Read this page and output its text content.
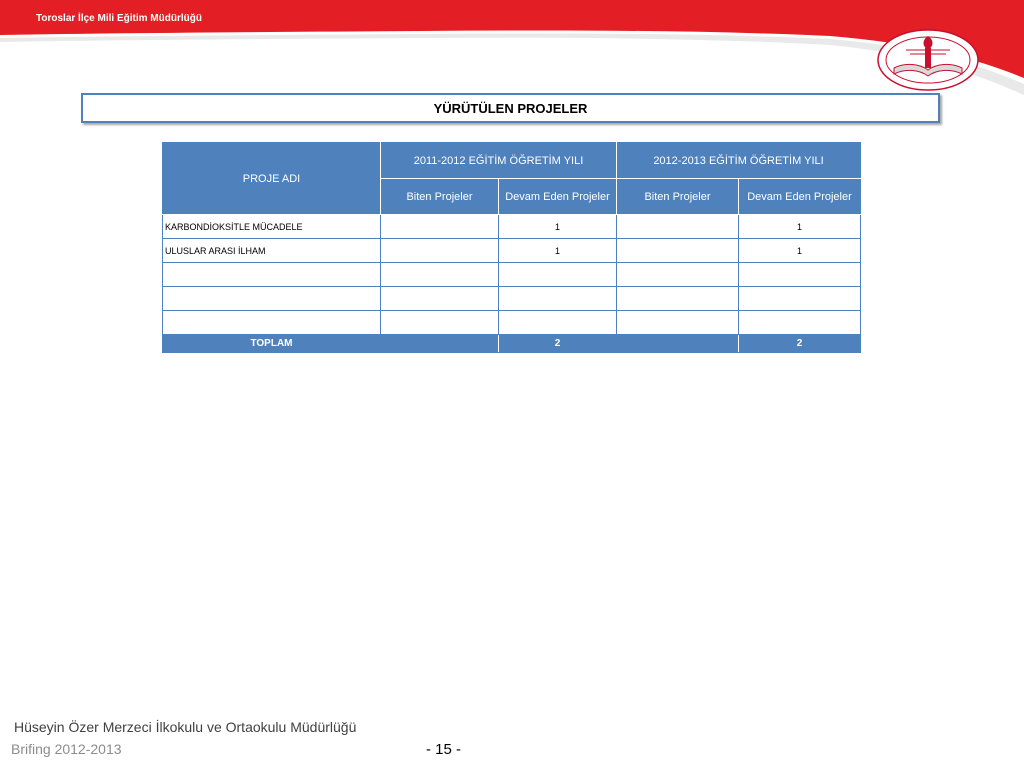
Toroslar İlçe Mili Eğitim Müdürlüğü
YÜRÜTÜLEN PROJELER
PROJE ADI	2011-2012 EĞİTİM ÖĞRETİM YILI		2012-2013 EĞİTİM ÖĞRETİM YILI	
	Biten Projeler	Devam Eden Projeler	Biten Projeler	Devam Eden Projeler
KARBONDİOKSİTLE MÜCADELE		1		1
ULUSLAR ARASI İLHAM		1		1

TOPLAM		2		2
Hüseyin Özer Merzeci İlkokulu ve Ortaokulu Müdürlüğü
Brifing 2012-2013	- 15 -
